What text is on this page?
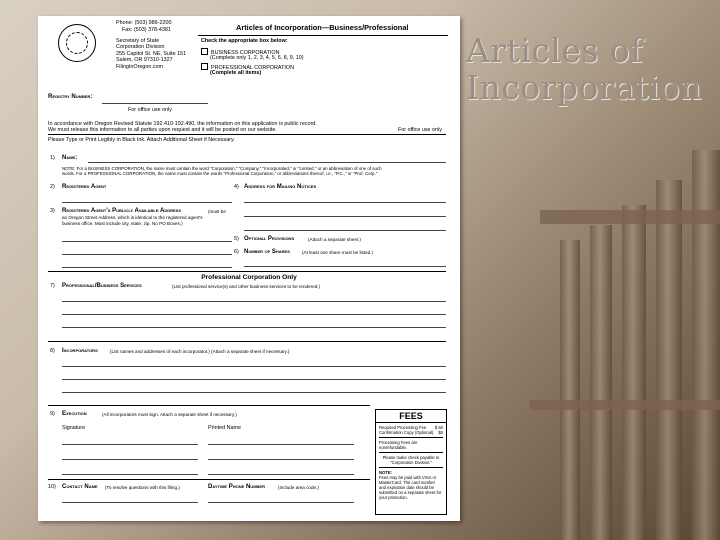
Articles of
Incorporation
Phone: (503) 986-2200
Fax: (503) 378-4381	Articles of Incorporation—Business/Professional
Secretary of State
Corporation Division
255 Capitol St. NE, Suite 151
Salem, OR 97310-1327
FilingInOregon.com
Check the appropriate box below:
BUSINESS CORPORATION
(Complete only 1, 2, 3, 4, 5, 6, 8, 9, 10)
PROFESSIONAL CORPORATION
(Complete all items)
Registry Number:
For office use only
In accordance with Oregon Revised Statute 192.410-192.490, the information on this application is public record.
We must release this information to all parties upon request and it will be posted on our website.	For office use only
Please Type or Print Legibly in Black Ink. Attach Additional Sheet if Necessary.
1) Name:
NOTE: For a BUSINESS CORPORATION, the name must contain the word "Corporation," "Company," "Incorporated," or "Limited," or an abbreviation of one of such
words. For a PROFESSIONAL CORPORATION, the name must contain the words "Professional Corporation," or abbreviations thereof, i.e., "P.C.," or "Prof. Corp."
2) Registered Agent	4) Address for Mailing Notices
3) Registered Agent's Publicly Available Address	(must be
an Oregon Street Address, which is identical to the registered agent's
business office. Must include city, state, zip. No PO Boxes.)
5) Optional Provisions	(Attach a separate sheet.)
6) Number of Shares	(At least one share must be listed.)
Professional Corporation Only
7) Professional/Business Services	(List professional service(s) and other business services to be rendered.)
8) Incorporators	(List names and addresses of each incorporator.) (Attach a separate sheet if necessary.)
9) Execution	(All incorporators must sign. Attach a separate sheet if necessary.)
Signature	Printed Name
10) Contact Name (To resolve questions with this filing.)	Daytime Phone Number	(Include area code.)
FEES

Required Processing Fee $ 50

Confirmation Copy (Optional) $5

Processing Fees are nonrefundable.

Please make check payable to "Corporation Division."

NOTE:

Fees may be paid with VISA or MasterCard. The card number and expiration date should be submitted on a separate sheet for your protection.
